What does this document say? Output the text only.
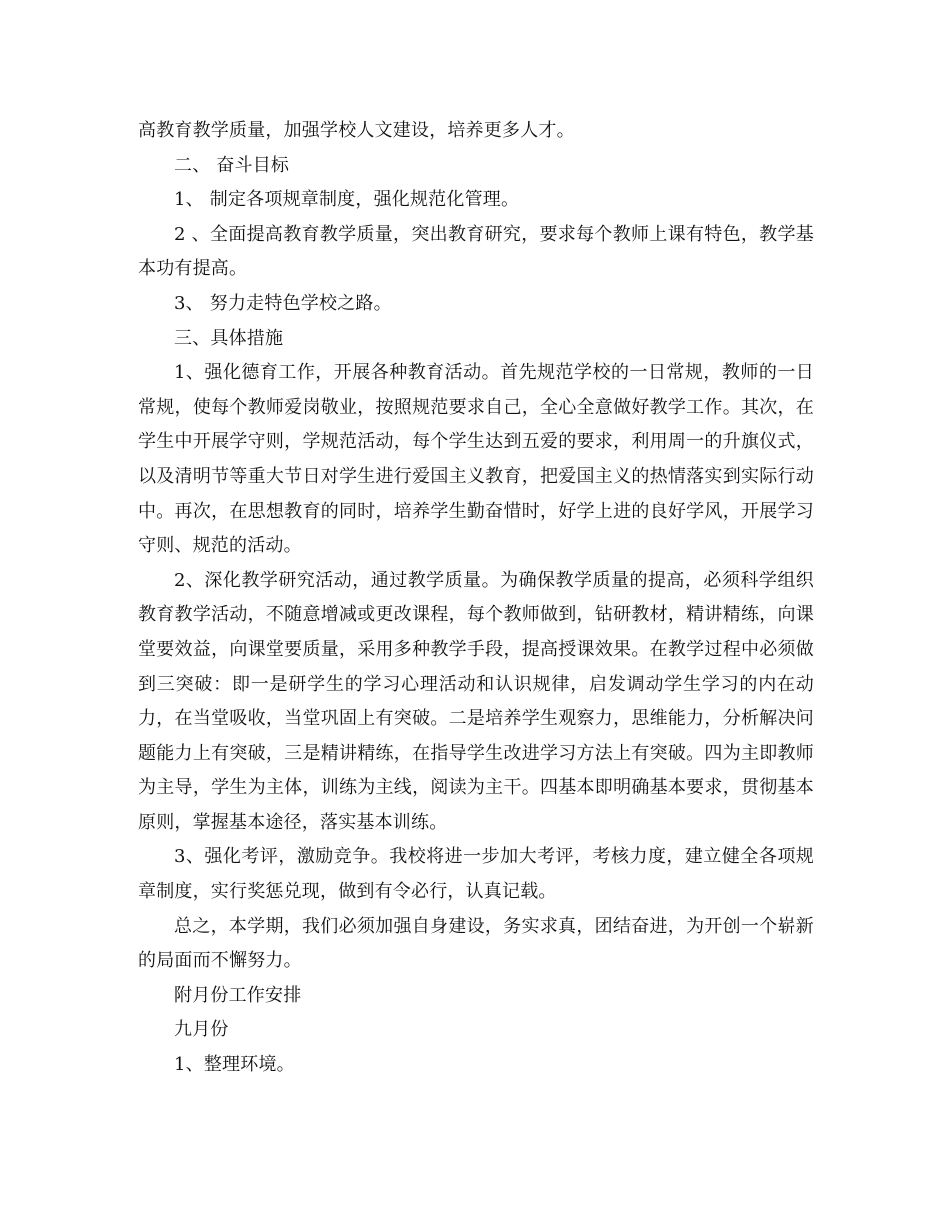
高教育教学质量，加强学校人文建设，培养更多人才。

二、 奋斗目标

1、 制定各项规章制度，强化规范化管理。

2 、全面提高教育教学质量，突出教育研究，要求每个教师上课有特色，教学基本功有提高。

3、 努力走特色学校之路。

三、具体措施

1、强化德育工作，开展各种教育活动。首先规范学校的一日常规，教师的一日常规，使每个教师爱岗敬业，按照规范要求自己，全心全意做好教学工作。其次，在学生中开展学守则，学规范活动，每个学生达到五爱的要求，利用周一的升旗仪式，以及清明节等重大节日对学生进行爱国主义教育，把爱国主义的热情落实到实际行动中。再次，在思想教育的同时，培养学生勤奋惜时，好学上进的良好学风，开展学习守则、规范的活动。

2、深化教学研究活动，通过教学质量。为确保教学质量的提高，必须科学组织教育教学活动，不随意增减或更改课程，每个教师做到，钻研教材，精讲精练，向课堂要效益，向课堂要质量，采用多种教学手段，提高授课效果。在教学过程中必须做到三突破：即一是研学生的学习心理活动和认识规律，启发调动学生学习的内在动力，在当堂吸收，当堂巩固上有突破。二是培养学生观察力，思维能力，分析解决问题能力上有突破，三是精讲精练，在指导学生改进学习方法上有突破。四为主即教师为主导，学生为主体，训练为主线，阅读为主干。四基本即明确基本要求，贯彻基本原则，掌握基本途径，落实基本训练。

3、强化考评，激励竞争。我校将进一步加大考评，考核力度，建立健全各项规章制度，实行奖惩兑现，做到有令必行，认真记载。

总之，本学期，我们必须加强自身建设，务实求真，团结奋进，为开创一个崭新的局面而不懈努力。

附月份工作安排

九月份

1、整理环境。
